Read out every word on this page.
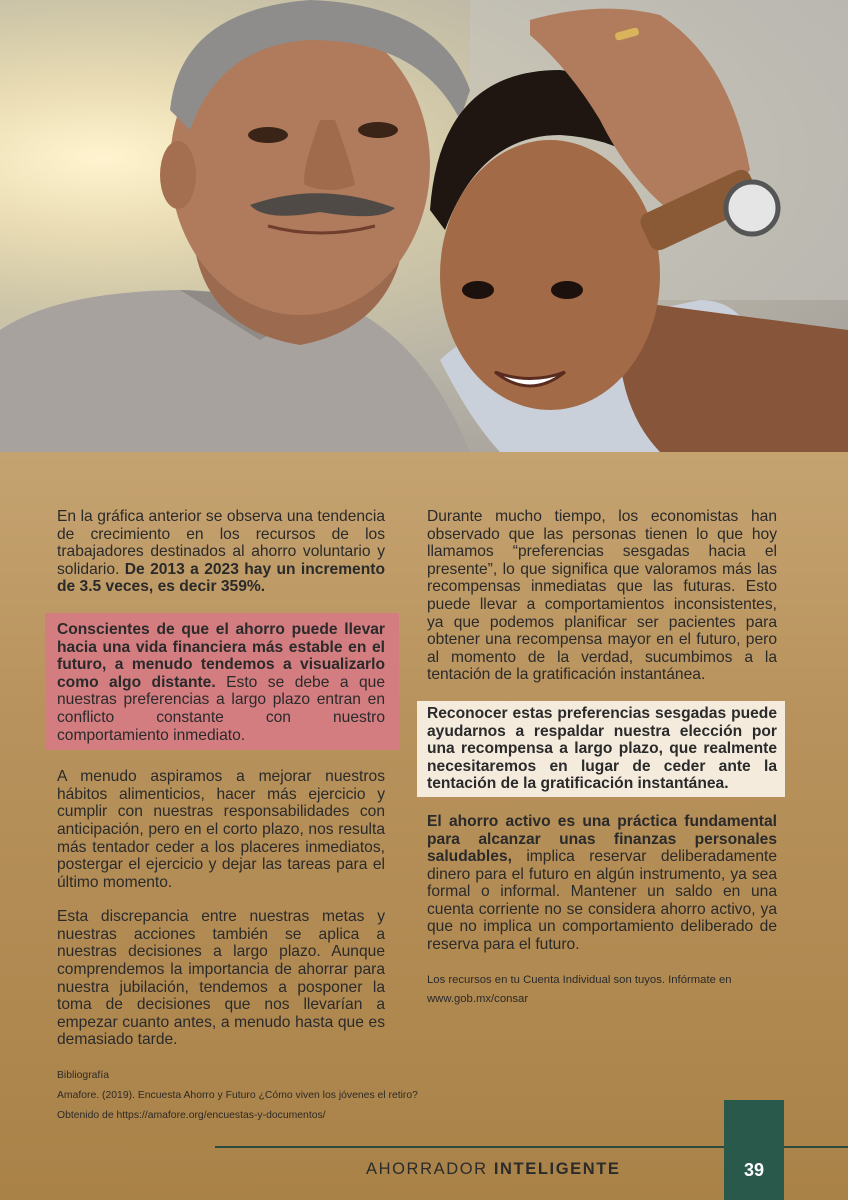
En la gráfica anterior se observa una tendencia de crecimiento en los recursos de los trabajadores destinados al ahorro voluntario y solidario. De 2013 a 2023 hay un incremento de 3.5 veces, es decir 359%.

Conscientes de que el ahorro puede llevar hacia una vida financiera más estable en el futuro, a menudo tendemos a visualizarlo como algo distante. Esto se debe a que nuestras preferencias a largo plazo entran en conflicto constante con nuestro comportamiento inmediato.

A menudo aspiramos a mejorar nuestros hábitos alimenticios, hacer más ejercicio y cumplir con nuestras responsabilidades con anticipación, pero en el corto plazo, nos resulta más tentador ceder a los placeres inmediatos, postergar el ejercicio y dejar las tareas para el último momento.

Esta discrepancia entre nuestras metas y nuestras acciones también se aplica a nuestras decisiones a largo plazo. Aunque comprendemos la importancia de ahorrar para nuestra jubilación, tendemos a posponer la toma de decisiones que nos llevarían a empezar cuanto antes, a menudo hasta que es demasiado tarde.

Durante mucho tiempo, los economistas han observado que las personas tienen lo que hoy llamamos “preferencias sesgadas hacia el presente”, lo que significa que valoramos más las recompensas inmediatas que las futuras. Esto puede llevar a comportamientos inconsistentes, ya que podemos planificar ser pacientes para obtener una recompensa mayor en el futuro, pero al momento de la verdad, sucumbimos a la tentación de la gratificación instantánea.

Reconocer estas preferencias sesgadas puede ayudarnos a respaldar nuestra elección por una recompensa a largo plazo, que realmente necesitaremos en lugar de ceder ante la tentación de la gratificación instantánea.

El ahorro activo es una práctica fundamental para alcanzar unas finanzas personales saludables, implica reservar deliberadamente dinero para el futuro en algún instrumento, ya sea formal o informal. Mantener un saldo en una cuenta corriente no se considera ahorro activo, ya que no implica un comportamiento deliberado de reserva para el futuro.

Los recursos en tu Cuenta Individual son tuyos. Infórmate en www.gob.mx/consar

Bibliografía
Amafore. (2019). Encuesta Ahorro y Futuro ¿Cómo viven los jóvenes el retiro?
Obtenido de https://amafore.org/encuestas-y-documentos/
AHORRADOR INTELIGENTE	39
